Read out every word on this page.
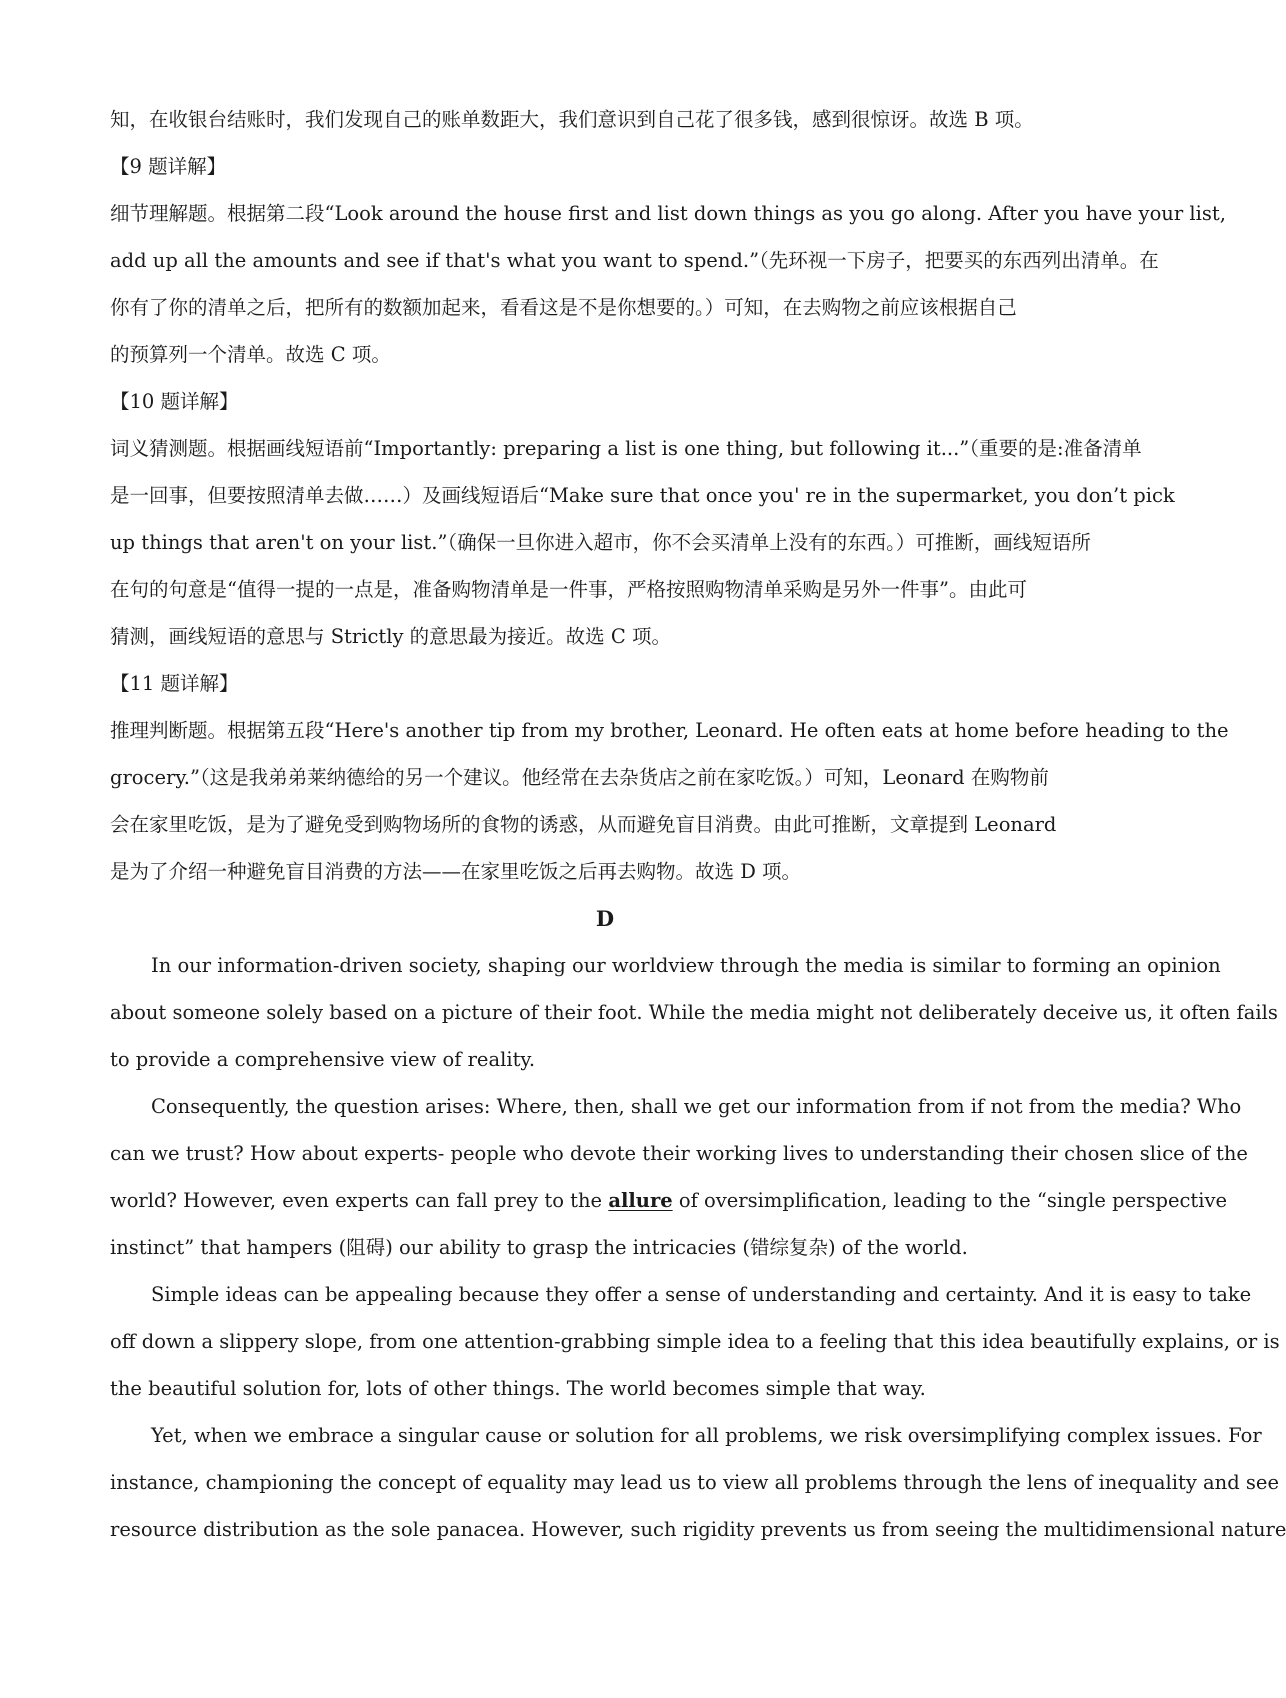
知，在收银台结账时，我们发现自己的账单数距大，我们意识到自己花了很多钱，感到很惊讶。故选 B 项。
【9 题详解】
细节理解题。根据第二段“Look around the house first and list down things as you go along. After you have your list,
add up all the amounts and see if that's what you want to spend.”（先环视一下房子，把要买的东西列出清单。在
你有了你的清单之后，把所有的数额加起来，看看这是不是你想要的。）可知，在去购物之前应该根据自己
的预算列一个清单。故选 C 项。
【10 题详解】
词义猜测题。根据画线短语前“Importantly: preparing a list is one thing, but following it...”（重要的是:准备清单
是一回事，但要按照清单去做……）及画线短语后“Make sure that once you' re in the supermarket, you don’t pick
up things that aren't on your list.”（确保一旦你进入超市，你不会买清单上没有的东西。）可推断，画线短语所
在句的句意是“值得一提的一点是，准备购物清单是一件事，严格按照购物清单采购是另外一件事”。由此可
猜测，画线短语的意思与 Strictly 的意思最为接近。故选 C 项。
【11 题详解】
推理判断题。根据第五段“Here's another tip from my brother, Leonard. He often eats at home before heading to the
grocery.”（这是我弟弟莱纳德给的另一个建议。他经常在去杂货店之前在家吃饭。）可知，Leonard 在购物前
会在家里吃饭，是为了避免受到购物场所的食物的诱惑，从而避免盲目消费。由此可推断，文章提到 Leonard
是为了介绍一种避免盲目消费的方法——在家里吃饭之后再去购物。故选 D 项。
D
In our information-driven society, shaping our worldview through the media is similar to forming an opinion
about someone solely based on a picture of their foot. While the media might not deliberately deceive us, it often fails
to provide a comprehensive view of reality.
Consequently, the question arises: Where, then, shall we get our information from if not from the media? Who
can we trust? How about experts- people who devote their working lives to understanding their chosen slice of the
world? However, even experts can fall prey to the allure of oversimplification, leading to the “single perspective
instinct” that hampers (阻碍) our ability to grasp the intricacies (错综复杂) of the world.
Simple ideas can be appealing because they offer a sense of understanding and certainty. And it is easy to take
off down a slippery slope, from one attention-grabbing simple idea to a feeling that this idea beautifully explains, or is
the beautiful solution for, lots of other things. The world becomes simple that way.
Yet, when we embrace a singular cause or solution for all problems, we risk oversimplifying complex issues. For
instance, championing the concept of equality may lead us to view all problems through the lens of inequality and see
resource distribution as the sole panacea. However, such rigidity prevents us from seeing the multidimensional nature
